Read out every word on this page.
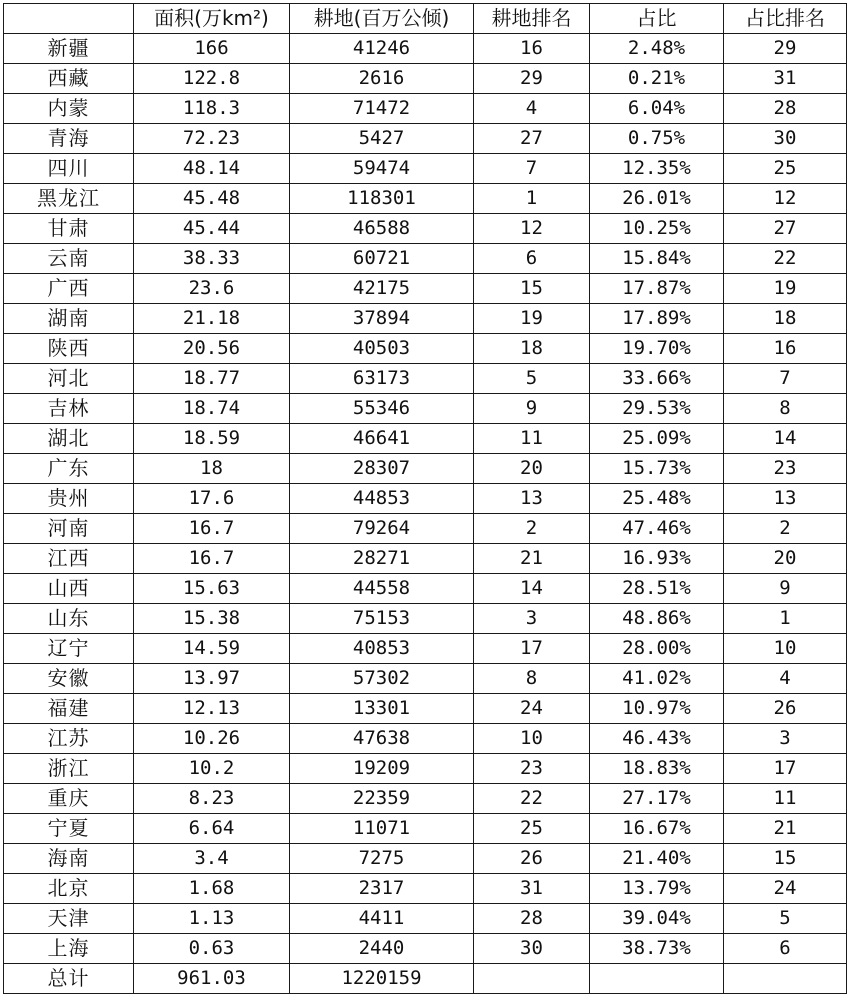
	面积(万km²)	耕地(百万公倾)	耕地排名	占比	占比排名
新疆	166	41246	16	2.48%	29
西藏	122.8	2616	29	0.21%	31
内蒙	118.3	71472	4	6.04%	28
青海	72.23	5427	27	0.75%	30
四川	48.14	59474	7	12.35%	25
黑龙江	45.48	118301	1	26.01%	12
甘肃	45.44	46588	12	10.25%	27
云南	38.33	60721	6	15.84%	22
广西	23.6	42175	15	17.87%	19
湖南	21.18	37894	19	17.89%	18
陕西	20.56	40503	18	19.70%	16
河北	18.77	63173	5	33.66%	7
吉林	18.74	55346	9	29.53%	8
湖北	18.59	46641	11	25.09%	14
广东	18	28307	20	15.73%	23
贵州	17.6	44853	13	25.48%	13
河南	16.7	79264	2	47.46%	2
江西	16.7	28271	21	16.93%	20
山西	15.63	44558	14	28.51%	9
山东	15.38	75153	3	48.86%	1
辽宁	14.59	40853	17	28.00%	10
安徽	13.97	57302	8	41.02%	4
福建	12.13	13301	24	10.97%	26
江苏	10.26	47638	10	46.43%	3
浙江	10.2	19209	23	18.83%	17
重庆	8.23	22359	22	27.17%	11
宁夏	6.64	11071	25	16.67%	21
海南	3.4	7275	26	21.40%	15
北京	1.68	2317	31	13.79%	24
天津	1.13	4411	28	39.04%	5
上海	0.63	2440	30	38.73%	6
总计	961.03	1220159			
